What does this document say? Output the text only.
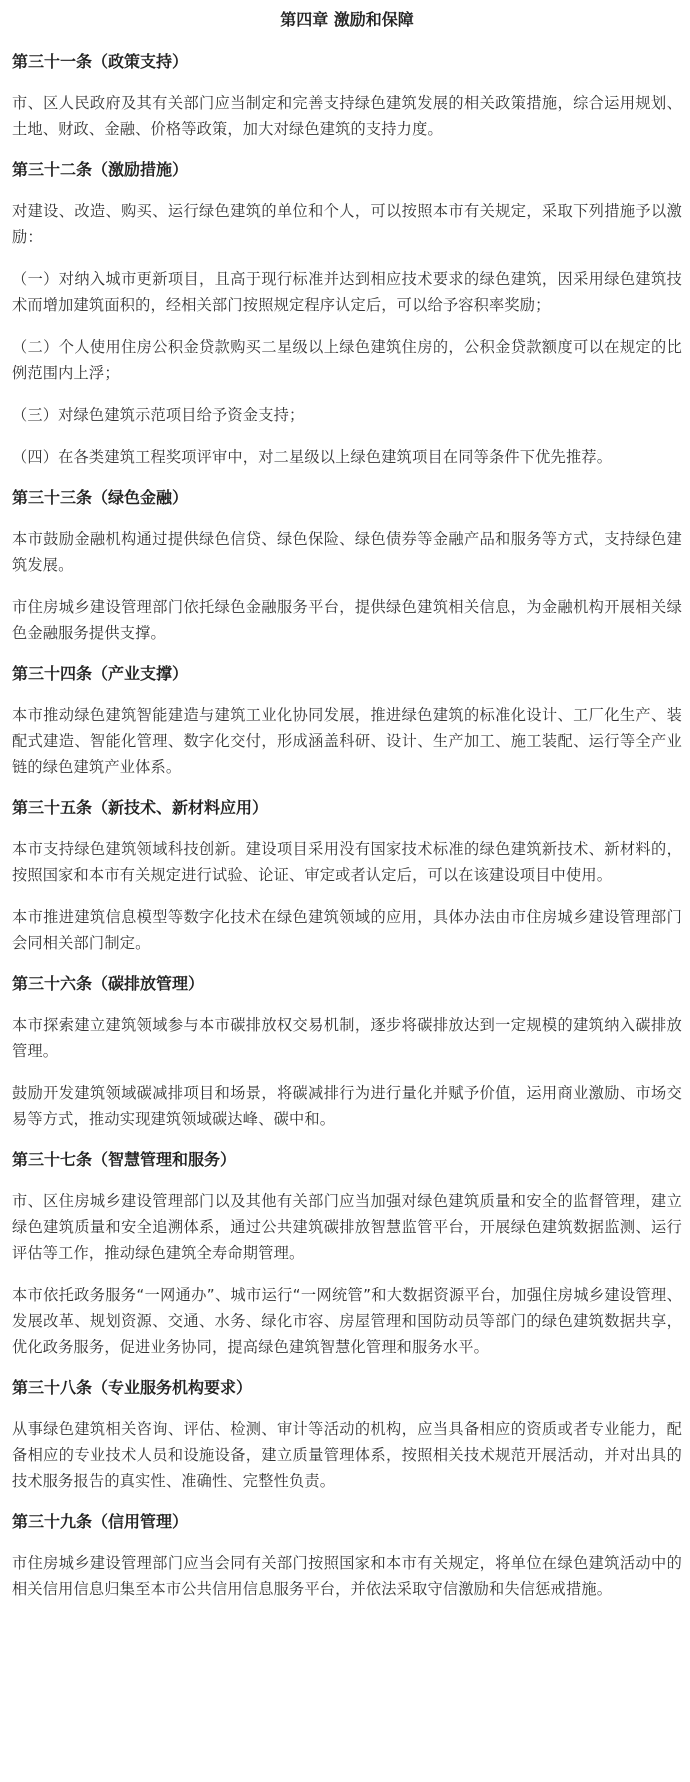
第四章 激励和保障
第三十一条（政策支持）

市、区人民政府及其有关部门应当制定和完善支持绿色建筑发展的相关政策措施，综合运用规划、土地、财政、金融、价格等政策，加大对绿色建筑的支持力度。

第三十二条（激励措施）

对建设、改造、购买、运行绿色建筑的单位和个人，可以按照本市有关规定，采取下列措施予以激励：

（一）对纳入城市更新项目，且高于现行标准并达到相应技术要求的绿色建筑，因采用绿色建筑技术而增加建筑面积的，经相关部门按照规定程序认定后，可以给予容积率奖励；

（二）个人使用住房公积金贷款购买二星级以上绿色建筑住房的，公积金贷款额度可以在规定的比例范围内上浮；

（三）对绿色建筑示范项目给予资金支持；

（四）在各类建筑工程奖项评审中，对二星级以上绿色建筑项目在同等条件下优先推荐。

第三十三条（绿色金融）

本市鼓励金融机构通过提供绿色信贷、绿色保险、绿色债券等金融产品和服务等方式，支持绿色建筑发展。

市住房城乡建设管理部门依托绿色金融服务平台，提供绿色建筑相关信息，为金融机构开展相关绿色金融服务提供支撑。

第三十四条（产业支撑）

本市推动绿色建筑智能建造与建筑工业化协同发展，推进绿色建筑的标准化设计、工厂化生产、装配式建造、智能化管理、数字化交付，形成涵盖科研、设计、生产加工、施工装配、运行等全产业链的绿色建筑产业体系。

第三十五条（新技术、新材料应用）

本市支持绿色建筑领域科技创新。建设项目采用没有国家技术标准的绿色建筑新技术、新材料的，按照国家和本市有关规定进行试验、论证、审定或者认定后，可以在该建设项目中使用。

本市推进建筑信息模型等数字化技术在绿色建筑领域的应用，具体办法由市住房城乡建设管理部门会同相关部门制定。

第三十六条（碳排放管理）

本市探索建立建筑领域参与本市碳排放权交易机制，逐步将碳排放达到一定规模的建筑纳入碳排放管理。

鼓励开发建筑领域碳减排项目和场景，将碳减排行为进行量化并赋予价值，运用商业激励、市场交易等方式，推动实现建筑领域碳达峰、碳中和。

第三十七条（智慧管理和服务）

市、区住房城乡建设管理部门以及其他有关部门应当加强对绿色建筑质量和安全的监督管理，建立绿色建筑质量和安全追溯体系，通过公共建筑碳排放智慧监管平台，开展绿色建筑数据监测、运行评估等工作，推动绿色建筑全寿命期管理。

本市依托政务服务“一网通办”、城市运行“一网统管”和大数据资源平台，加强住房城乡建设管理、发展改革、规划资源、交通、水务、绿化市容、房屋管理和国防动员等部门的绿色建筑数据共享，优化政务服务，促进业务协同，提高绿色建筑智慧化管理和服务水平。

第三十八条（专业服务机构要求）

从事绿色建筑相关咨询、评估、检测、审计等活动的机构，应当具备相应的资质或者专业能力，配备相应的专业技术人员和设施设备，建立质量管理体系，按照相关技术规范开展活动，并对出具的技术服务报告的真实性、准确性、完整性负责。

第三十九条（信用管理）

市住房城乡建设管理部门应当会同有关部门按照国家和本市有关规定，将单位在绿色建筑活动中的相关信用信息归集至本市公共信用信息服务平台，并依法采取守信激励和失信惩戒措施。
